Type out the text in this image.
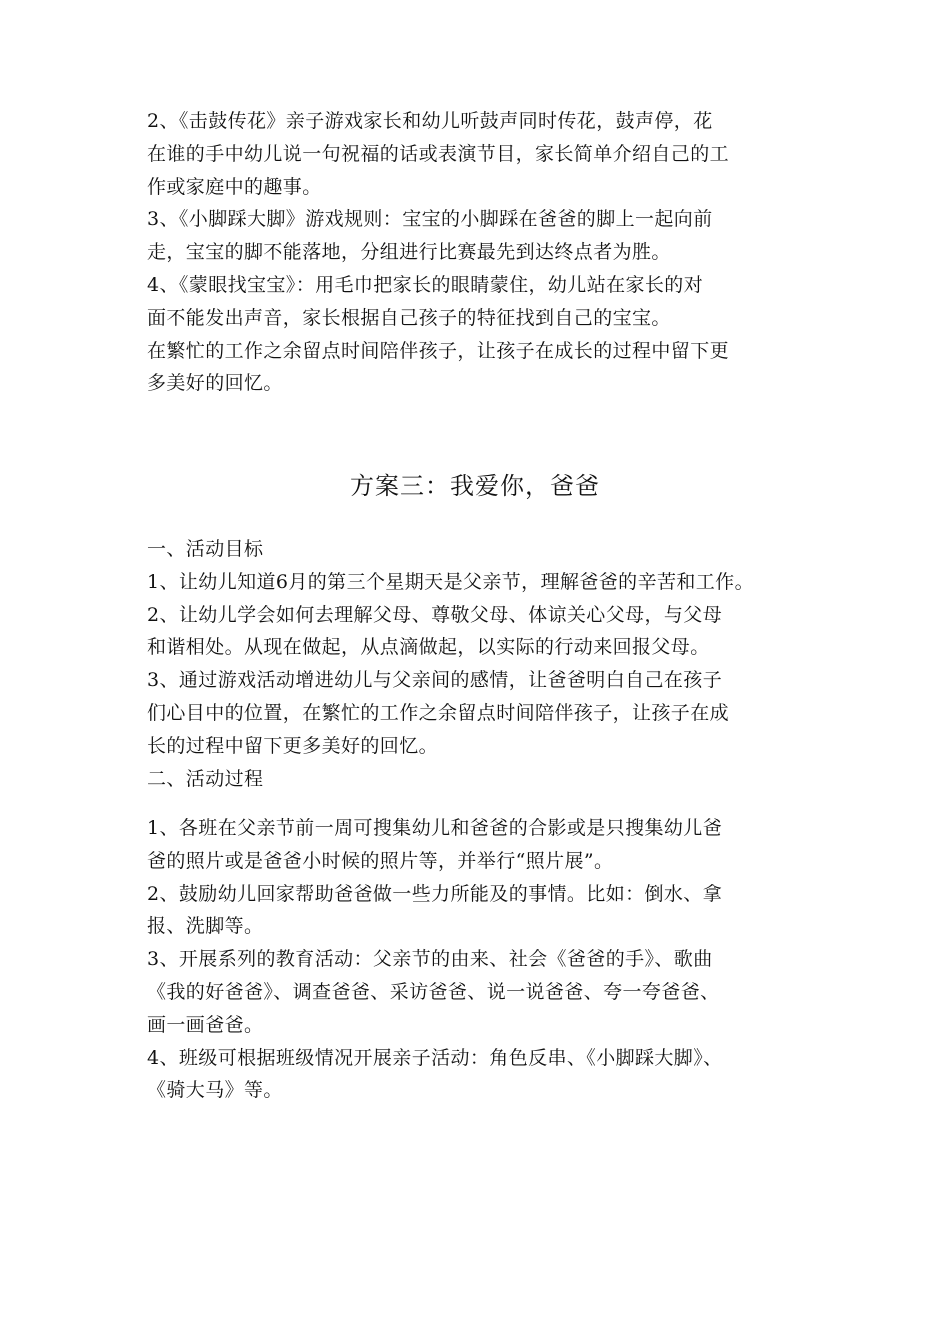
2、《击鼓传花》亲子游戏家长和幼儿听鼓声同时传花，鼓声停，花
在谁的手中幼儿说一句祝福的话或表演节目，家长简单介绍自己的工
作或家庭中的趣事。
3、《小脚踩大脚》游戏规则：宝宝的小脚踩在爸爸的脚上一起向前
走，宝宝的脚不能落地，分组进行比赛最先到达终点者为胜。
4、《蒙眼找宝宝》：用毛巾把家长的眼睛蒙住，幼儿站在家长的对
面不能发出声音，家长根据自己孩子的特征找到自己的宝宝。
在繁忙的工作之余留点时间陪伴孩子，让孩子在成长的过程中留下更
多美好的回忆。
方案三：我爱你，爸爸
一、活动目标
1、让幼儿知道6月的第三个星期天是父亲节，理解爸爸的辛苦和工作。
2、让幼儿学会如何去理解父母、尊敬父母、体谅关心父母，与父母
和谐相处。从现在做起，从点滴做起，以实际的行动来回报父母。
3、通过游戏活动增进幼儿与父亲间的感情，让爸爸明白自己在孩子
们心目中的位置，在繁忙的工作之余留点时间陪伴孩子，让孩子在成
长的过程中留下更多美好的回忆。
二、活动过程
1、各班在父亲节前一周可搜集幼儿和爸爸的合影或是只搜集幼儿爸
爸的照片或是爸爸小时候的照片等，并举行“照片展”。
2、鼓励幼儿回家帮助爸爸做一些力所能及的事情。比如：倒水、拿
报、洗脚等。
3、开展系列的教育活动：父亲节的由来、社会《爸爸的手》、歌曲
《我的好爸爸》、调查爸爸、采访爸爸、说一说爸爸、夸一夸爸爸、
画一画爸爸。
4、班级可根据班级情况开展亲子活动：角色反串、《小脚踩大脚》、
《骑大马》等。
